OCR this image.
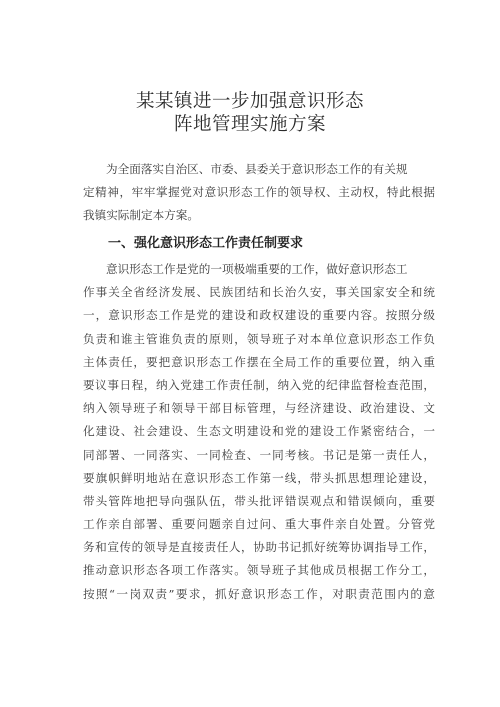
某某镇进一步加强意识形态
阵地管理实施方案
为全面落实自治区、市委、县委关于意识形态工作的有关规
定精神，牢牢掌握党对意识形态工作的领导权、主动权，特此根据
我镇实际制定本方案。
一、强化意识形态工作责任制要求
意识形态工作是党的一项极端重要的工作，做好意识形态工
作事关全省经济发展、民族团结和长治久安，事关国家安全和统
一，意识形态工作是党的建设和政权建设的重要内容。按照分级
负责和谁主管谁负责的原则，领导班子对本单位意识形态工作负
主体责任，要把意识形态工作摆在全局工作的重要位置，纳入重
要议事日程，纳入党建工作责任制，纳入党的纪律监督检查范围，
纳入领导班子和领导干部目标管理，与经济建设、政治建设、文
化建设、社会建设、生态文明建设和党的建设工作紧密结合，一
同部署、一同落实、一同检查、一同考核。书记是第一责任人，
要旗帜鲜明地站在意识形态工作第一线，带头抓思想理论建设，
带头管阵地把导向强队伍，带头批评错误观点和错误倾向，重要
工作亲自部署、重要问题亲自过问、重大事件亲自处置。分管党
务和宣传的领导是直接责任人，协助书记抓好统筹协调指导工作，
推动意识形态各项工作落实。领导班子其他成员根据工作分工，
按照“一岗双责”要求，抓好意识形态工作，对职责范围内的意
